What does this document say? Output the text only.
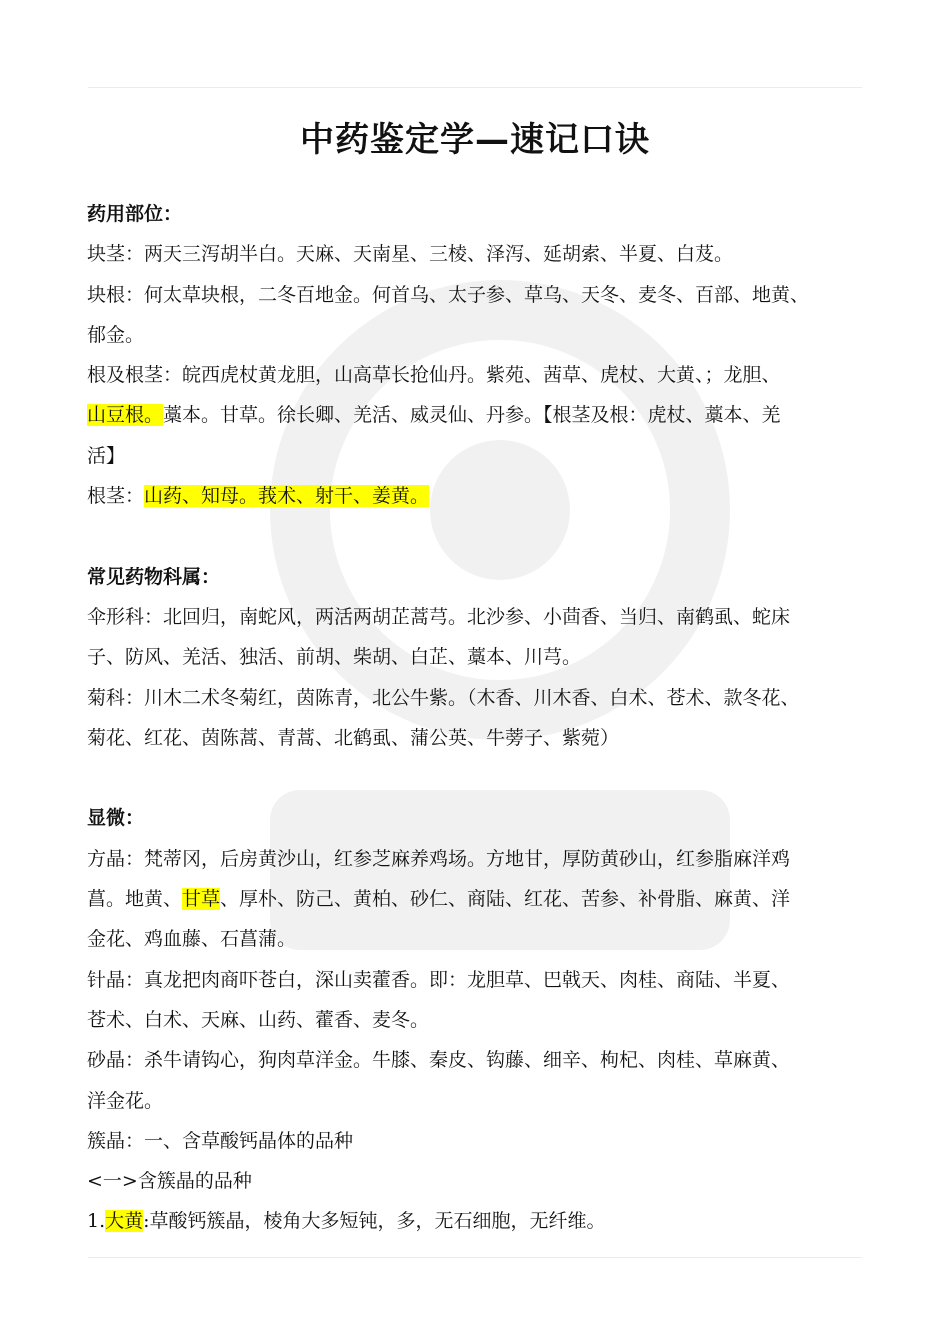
中药鉴定学—速记口诀
药用部位：
块茎：两天三泻胡半白。天麻、天南星、三棱、泽泻、延胡索、半夏、白芨。
块根：何太草块根，二冬百地金。何首乌、太子参、草乌、天冬、麦冬、百部、地黄、
郁金。
根及根茎：皖西虎杖黄龙胆，山高草长抢仙丹。紫苑、茜草、虎杖、大黄、；龙胆、
山豆根。藁本。甘草。徐长卿、羌活、威灵仙、丹参。【根茎及根：虎杖、藁本、羌
活】
根茎：山药、知母。莪术、射干、姜黄。
常见药物科属：
伞形科：北回归，南蛇风，两活两胡芷蒿芎。北沙参、小茴香、当归、南鹤虱、蛇床
子、防风、羌活、独活、前胡、柴胡、白芷、藁本、川芎。
菊科：川木二术冬菊红，茵陈青，北公牛紫。（木香、川木香、白术、苍术、款冬花、
菊花、红花、茵陈蒿、青蒿、北鹤虱、蒲公英、牛蒡子、紫菀）
显微：
方晶：梵蒂冈，后房黄沙山，红参芝麻养鸡场。方地甘，厚防黄砂山，红参脂麻洋鸡
菖。地黄、甘草、厚朴、防己、黄柏、砂仁、商陆、红花、苦参、补骨脂、麻黄、洋
金花、鸡血藤、石菖蒲。
针晶：真龙把肉商吓苍白，深山卖藿香。即：龙胆草、巴戟天、肉桂、商陆、半夏、
苍术、白术、天麻、山药、藿香、麦冬。
砂晶：杀牛请钩心，狗肉草洋金。牛膝、秦皮、钩藤、细辛、枸杞、肉桂、草麻黄、
洋金花。
簇晶：一、含草酸钙晶体的品种
<一>含簇晶的品种
1.大黄:草酸钙簇晶，棱角大多短钝，多，无石细胞，无纤维。
